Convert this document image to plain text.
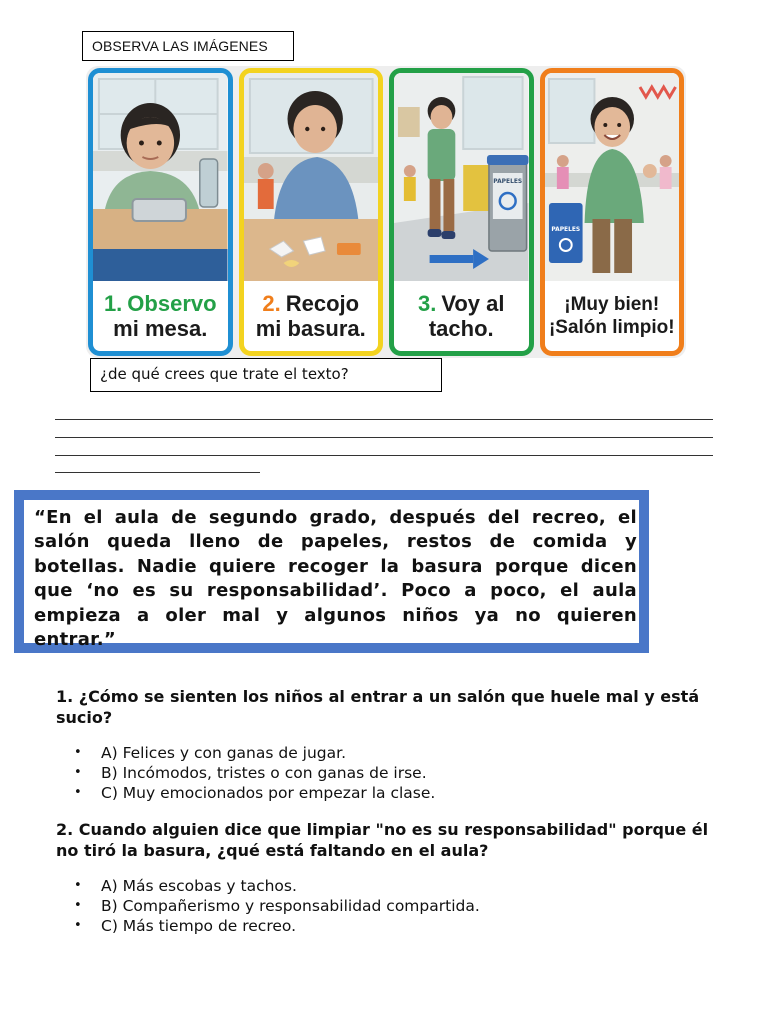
OBSERVA LAS IMÁGENES
1. Observo
mi mesa.
2. Recojo
mi basura.
PAPELES
3. Voy al
tacho.
PAPELES
¡Muy bien!
¡Salón limpio!
¿de qué crees que trate el texto?
“En el aula de segundo grado, después del recreo, el salón queda lleno de papeles, restos de comida y botellas. Nadie quiere recoger la basura porque dicen que ‘no es su responsabilidad’. Poco a poco, el aula empieza a oler mal y algunos niños ya no quieren entrar.”
1. ¿Cómo se sienten los niños al entrar a un salón que huele mal y está sucio?
• A) Felices y con ganas de jugar.
• B) Incómodos, tristes o con ganas de irse.
• C) Muy emocionados por empezar la clase.
2. Cuando alguien dice que limpiar "no es su responsabilidad" porque él no tiró la basura, ¿qué está faltando en el aula?
• A) Más escobas y tachos.
• B) Compañerismo y responsabilidad compartida.
• C) Más tiempo de recreo.
